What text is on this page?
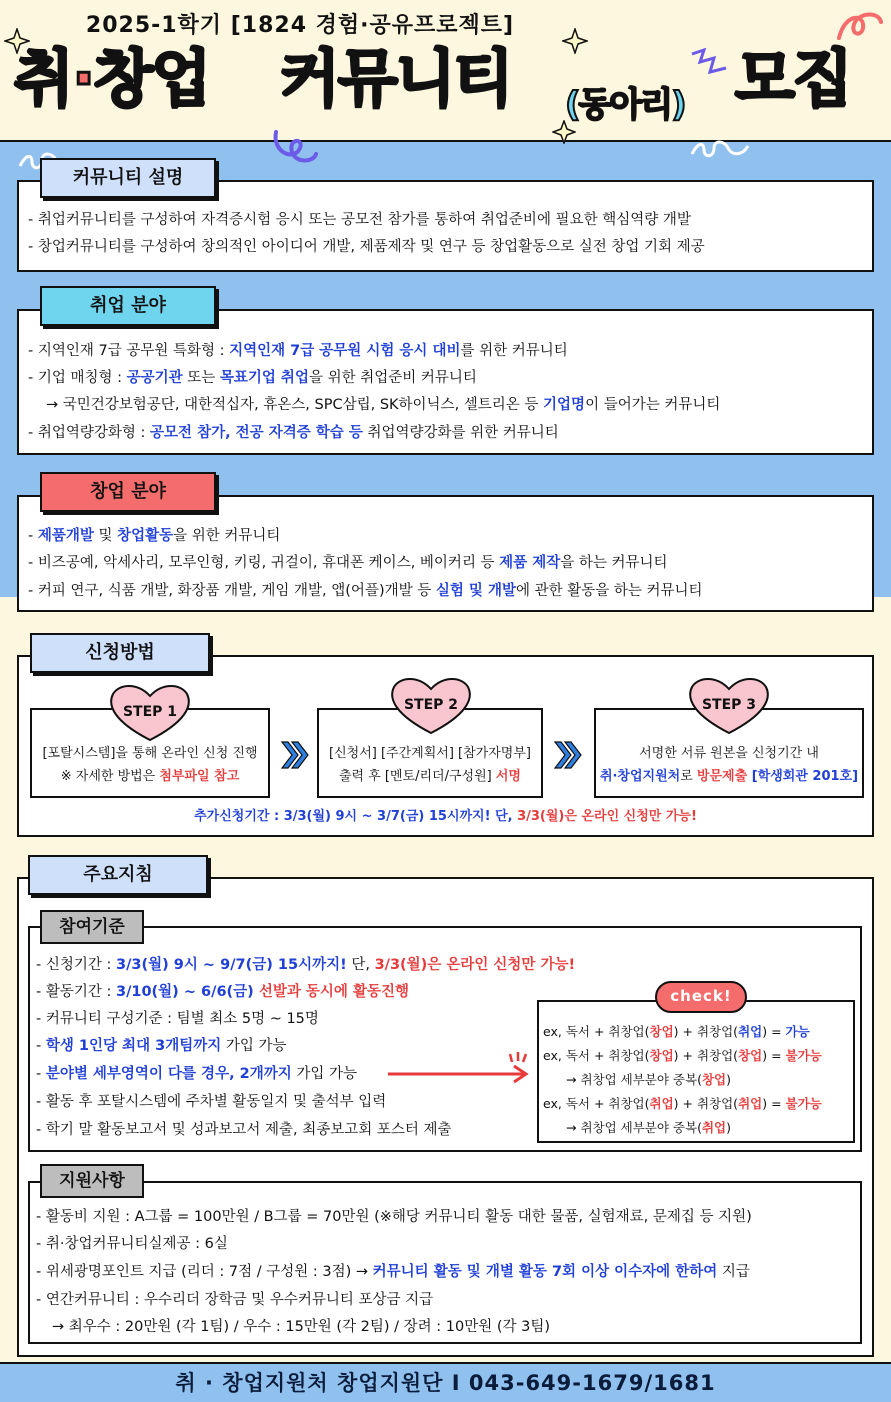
2025-1학기 [1824 경험·공유프로젝트]
취·창업 커뮤니티 (동아리) 모집
커뮤니티 설명
- 취업커뮤니티를 구성하여 자격증시험 응시 또는 공모전 참가를 통하여 취업준비에 필요한 핵심역량 개발
- 창업커뮤니티를 구성하여 창의적인 아이디어 개발, 제품제작 및 연구 등 창업활동으로 실전 창업 기회 제공
취업 분야
- 지역인재 7급 공무원 특화형 : 지역인재 7급 공무원 시험 응시 대비를 위한 커뮤니티
- 기업 매칭형 : 공공기관 또는 목표기업 취업을 위한 취업준비 커뮤니티
→ 국민건강보험공단, 대한적십자, 휴온스, SPC삼립, SK하이닉스, 셀트리온 등 기업명이 들어가는 커뮤니티
- 취업역량강화형 : 공모전 참가, 전공 자격증 학습 등 취업역량강화를 위한 커뮤니티
창업 분야
- 제품개발 및 창업활동을 위한 커뮤니티
- 비즈공예, 악세사리, 모루인형, 키링, 귀걸이, 휴대폰 케이스, 베이커리 등 제품 제작을 하는 커뮤니티
- 커피 연구, 식품 개발, 화장품 개발, 게임 개발, 앱(어플)개발 등 실험 및 개발에 관한 활동을 하는 커뮤니티
신청방법
STEP 1
[포탈시스템]을 통해 온라인 신청 진행
※ 자세한 방법은 첨부파일 참고
STEP 2
[신청서] [주간계획서] [참가자명부]
출력 후 [멘토/리더/구성원] 서명
STEP 3
서명한 서류 원본을 신청기간 내
취·창업지원처로 방문제출 [학생회관 201호]
추가신청기간 : 3/3(월) 9시 ~ 3/7(금) 15시까지! 단, 3/3(월)은 온라인 신청만 가능!
주요지침
참여기준
- 신청기간 : 3/3(월) 9시 ~ 9/7(금) 15시까지! 단, 3/3(월)은 온라인 신청만 가능!
- 활동기간 : 3/10(월) ~ 6/6(금) 선발과 동시에 활동진행
- 커뮤니티 구성기준 : 팀별 최소 5명 ~ 15명
- 학생 1인당 최대 3개팀까지 가입 가능
- 분야별 세부영역이 다를 경우, 2개까지 가입 가능
- 활동 후 포탈시스템에 주차별 활동일지 및 출석부 입력
- 학기 말 활동보고서 및 성과보고서 제출, 최종보고회 포스터 제출
check!
ex, 독서 + 취창업(창업) + 취창업(취업) = 가능
ex, 독서 + 취창업(창업) + 취창업(창업) = 불가능
→ 취창업 세부분야 중복(창업)
ex, 독서 + 취창업(취업) + 취창업(취업) = 불가능
→ 취창업 세부분야 중복(취업)
지원사항
- 활동비 지원 : A그룹 = 100만원 / B그룹 = 70만원 (※해당 커뮤니티 활동 대한 물품, 실험재료, 문제집 등 지원)
- 취·창업커뮤니티실제공 : 6실
- 위세광명포인트 지급 (리더 : 7점 / 구성원 : 3점) → 커뮤니티 활동 및 개별 활동 7회 이상 이수자에 한하여 지급
- 연간커뮤니티 : 우수리더 장학금 및 우수커뮤니티 포상금 지급
→ 최우수 : 20만원 (각 1팀) / 우수 : 15만원 (각 2팀) / 장려 : 10만원 (각 3팀)
취 · 창업지원처 창업지원단 I 043-649-1679/1681
